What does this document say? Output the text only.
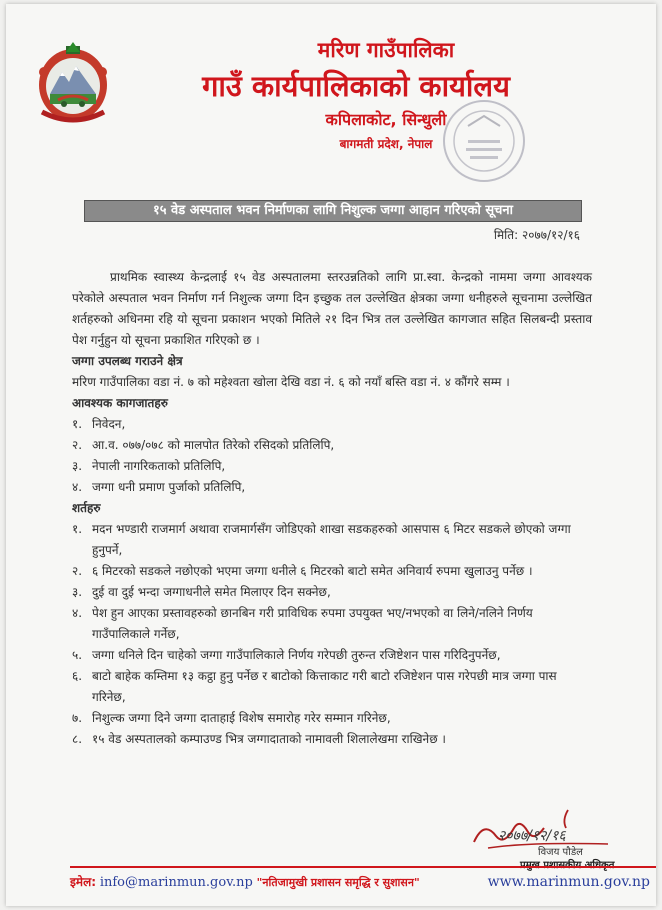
मरिण गाउँपालिका
गाउँ कार्यपालिकाको कार्यालय
कपिलाकोट, सिन्धुली
बागमती प्रदेश, नेपाल
१५ वेड अस्पताल भवन निर्माणका लागि निशुल्क जग्गा आहान गरिएको सूचना
मिति: २०७७/१२/१६

प्राथमिक स्वास्थ्य केन्द्रलाई १५ वेड अस्पतालमा स्तरउन्नतिको लागि प्रा.स्वा. केन्द्रको नाममा जग्गा आवश्यक परेकोले अस्पताल भवन निर्माण गर्न निशुल्क जग्गा दिन इच्छुक तल उल्लेखित क्षेत्रका जग्गा धनीहरुले सूचनामा उल्लेखित शर्तहरुको अधिनमा रहि यो सूचना प्रकाशन भएको मितिले २१ दिन भित्र तल उल्लेखित कागजात सहित सिलबन्दी प्रस्ताव पेश गर्नुहुन यो सूचना प्रकाशित गरिएको छ ।

जग्गा उपलब्ध गराउने क्षेत्र

मरिण गाउँपालिका वडा नं. ७ को महेश्वता खोला देखि वडा नं. ६ को नयाँ बस्ति वडा नं. ४ कौंगरे सम्म ।

आवश्यक कागजातहरु

१. निवेदन,
२. आ.व. ०७७/०७८ को मालपोत तिरेको रसिदको प्रतिलिपि,
३. नेपाली नागरिकताको प्रतिलिपि,
४. जग्गा धनी प्रमाण पुर्जाको प्रतिलिपि,

शर्तहरु

१. मदन भण्डारी राजमार्ग अथावा राजमार्गसँग जोडिएको शाखा सडकहरुको आसपास ६ मिटर सडकले छोएको जग्गा हुनुपर्ने,
२. ६ मिटरको सडकले नछोएको भएमा जग्गा धनीले ६ मिटरको बाटो समेत अनिवार्य रुपमा खुलाउनु पर्नेछ ।
३. दुई वा दुई भन्दा जग्गाधनीले समेत मिलाएर दिन सक्नेछ,
४. पेश हुन आएका प्रस्तावहरुको छानबिन गरी प्राविधिक रुपमा उपयुक्त भए/नभएको वा लिने/नलिने निर्णय गाउँपालिकाले गर्नेछ,
५. जग्गा धनिले दिन चाहेको जग्गा गाउँपालिकाले निर्णय गरेपछी तुरुन्त रजिष्टेशन पास गरिदिनुपर्नेछ,
६. बाटो बाहेक कम्तिमा १३ कट्ठा हुनु पर्नेछ र बाटोको कित्ताकाट गरी बाटो रजिष्टेशन पास गरेपछी मात्र जग्गा पास गरिनेछ,
७. निशुल्क जग्गा दिने जग्गा दाताहाई विशेष समारोह गरेर सम्मान गरिनेछ,
८. १५ वेड अस्पतालको कम्पाउण्ड भित्र जग्गादाताको नामावली शिलालेखमा राखिनेछ ।
२०७७/१२/१६
विजय पौडेल
इमेल: info@marinmun.gov.np "नतिजामुखी प्रशासन समृद्धि र सुशासन"	www.marinmun.gov.np
